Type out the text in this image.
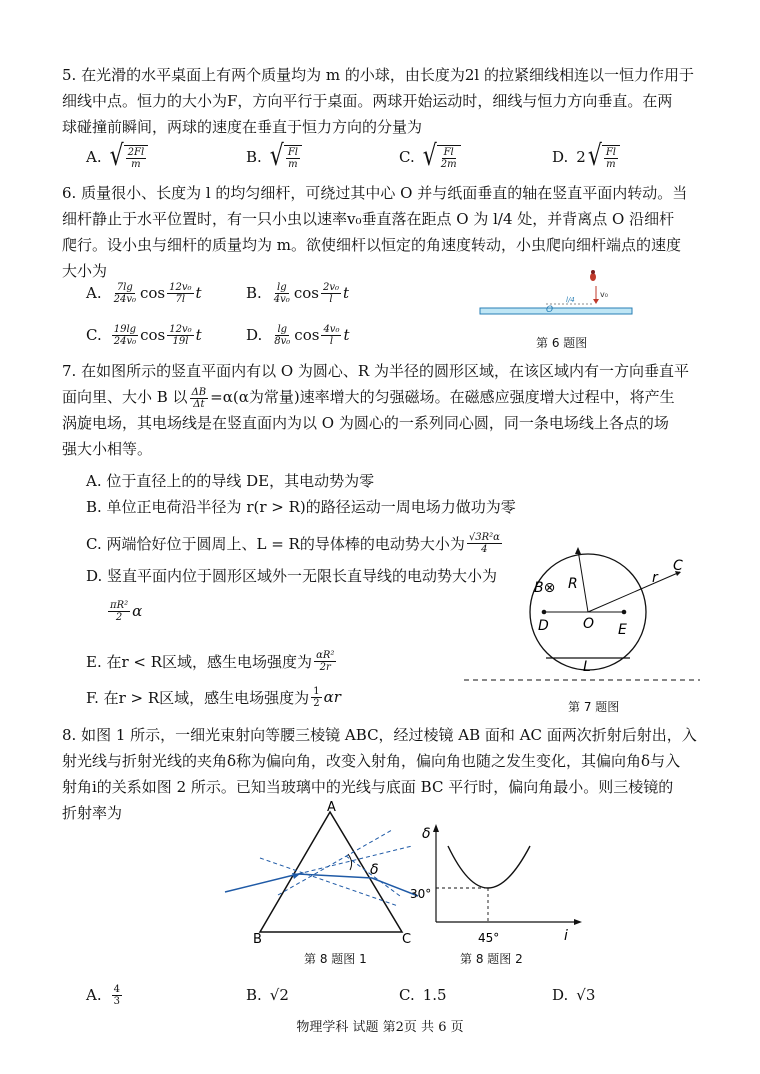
5. 在光滑的水平桌面上有两个质量均为 m 的小球，由长度为2l 的拉紧细线相连以一恒力作用于
细线中点。恒力的大小为F，方向平行于桌面。两球开始运动时，细线与恒力方向垂直。在两
球碰撞前瞬间，两球的速度在垂直于恒力方向的分量为
A. √ $\frac{2Fl}{m}$	B. √ $\frac{Fl}{m}$	C. √ $\frac{Fl}{2m}$	D. 2 √ $\frac{Fl}{m}$
6. 质量很小、长度为 l 的均匀细杆，可绕过其中心 O 并与纸面垂直的轴在竖直平面内转动。当
细杆静止于水平位置时，有一只小虫以速率v₀垂直落在距点 O 为 l/4 处，并背离点 O 沿细杆
爬行。设小虫与细杆的质量均为 m。欲使细杆以恒定的角速度转动，小虫爬向细杆端点的速度
大小为
A. $\frac{7\lg}{\text{24v₀}}$ $\cos \frac{\text{12v₀}}{7l}$ t	B. $\frac{\lg}{\text{4v₀}}$ $\cos \frac{\text{2v₀}}{l}$ t
C. $\frac{19\lg}{\text{24v₀}}$ $\cos \frac{\text{12v₀}}{19l}$ t	D. $\frac{\lg}{\text{8v₀}}$ $\cos \frac{\text{4v₀}}{l}$ t
v₀
l/4
O
第 6 题图
7. 在如图所示的竖直平面内有以 O 为圆心、R 为半径的圆形区域，在该区域内有一方向垂直平
面向里、大小 B 以 $\frac{\Delta B}{\Delta t} =\alpha(\alpha$为常量)速率增大的匀强磁场。在磁感应强度增大过程中，将产生
涡旋电场，其电场线是在竖直面内为以 O 为圆心的一系列同心圆，同一条电场线上各点的场
强大小相等。
A. 位于直径上的的导线 DE，其电动势为零
B. 单位正电荷沿半径为 r(r > R)的路径运动一周电场力做功为零
C. 两端恰好位于圆周上、L = R的导体棒的电动势大小为 $\frac{\text{√3R²α}}{4}$
D. 竖直平面内位于圆形区域外一无限长直导线的电动势大小为
$\frac{\text{πR²}}{2}$ α
E. 在r < R区域，感生电场强度为 $\frac{\text{αR²}}{2r}$
F. 在r > R区域，感生电场强度为 $\frac{1}{2}$ αr
B⊗ R
C
r
D O E
L
第 7 题图
8. 如图 1 所示，一细光束射向等腰三棱镜 ABC，经过棱镜 AB 面和 AC 面两次折射后射出，入
射光线与折射光线的夹角δ称为偏向角，改变入射角，偏向角也随之发生变化，其偏向角δ与入
射角i的关系如图 2 所示。已知当玻璃中的光线与底面 BC 平行时，偏向角最小。则三棱镜的
折射率为	A
B	C
δ
第 8 题图 1
δ
30°
45°	i
第 8 题图 2
A. $\frac{4}{3}$	B. √2	C. 1.5	D. √3
物理学科 试题 第2页 共 6 页
